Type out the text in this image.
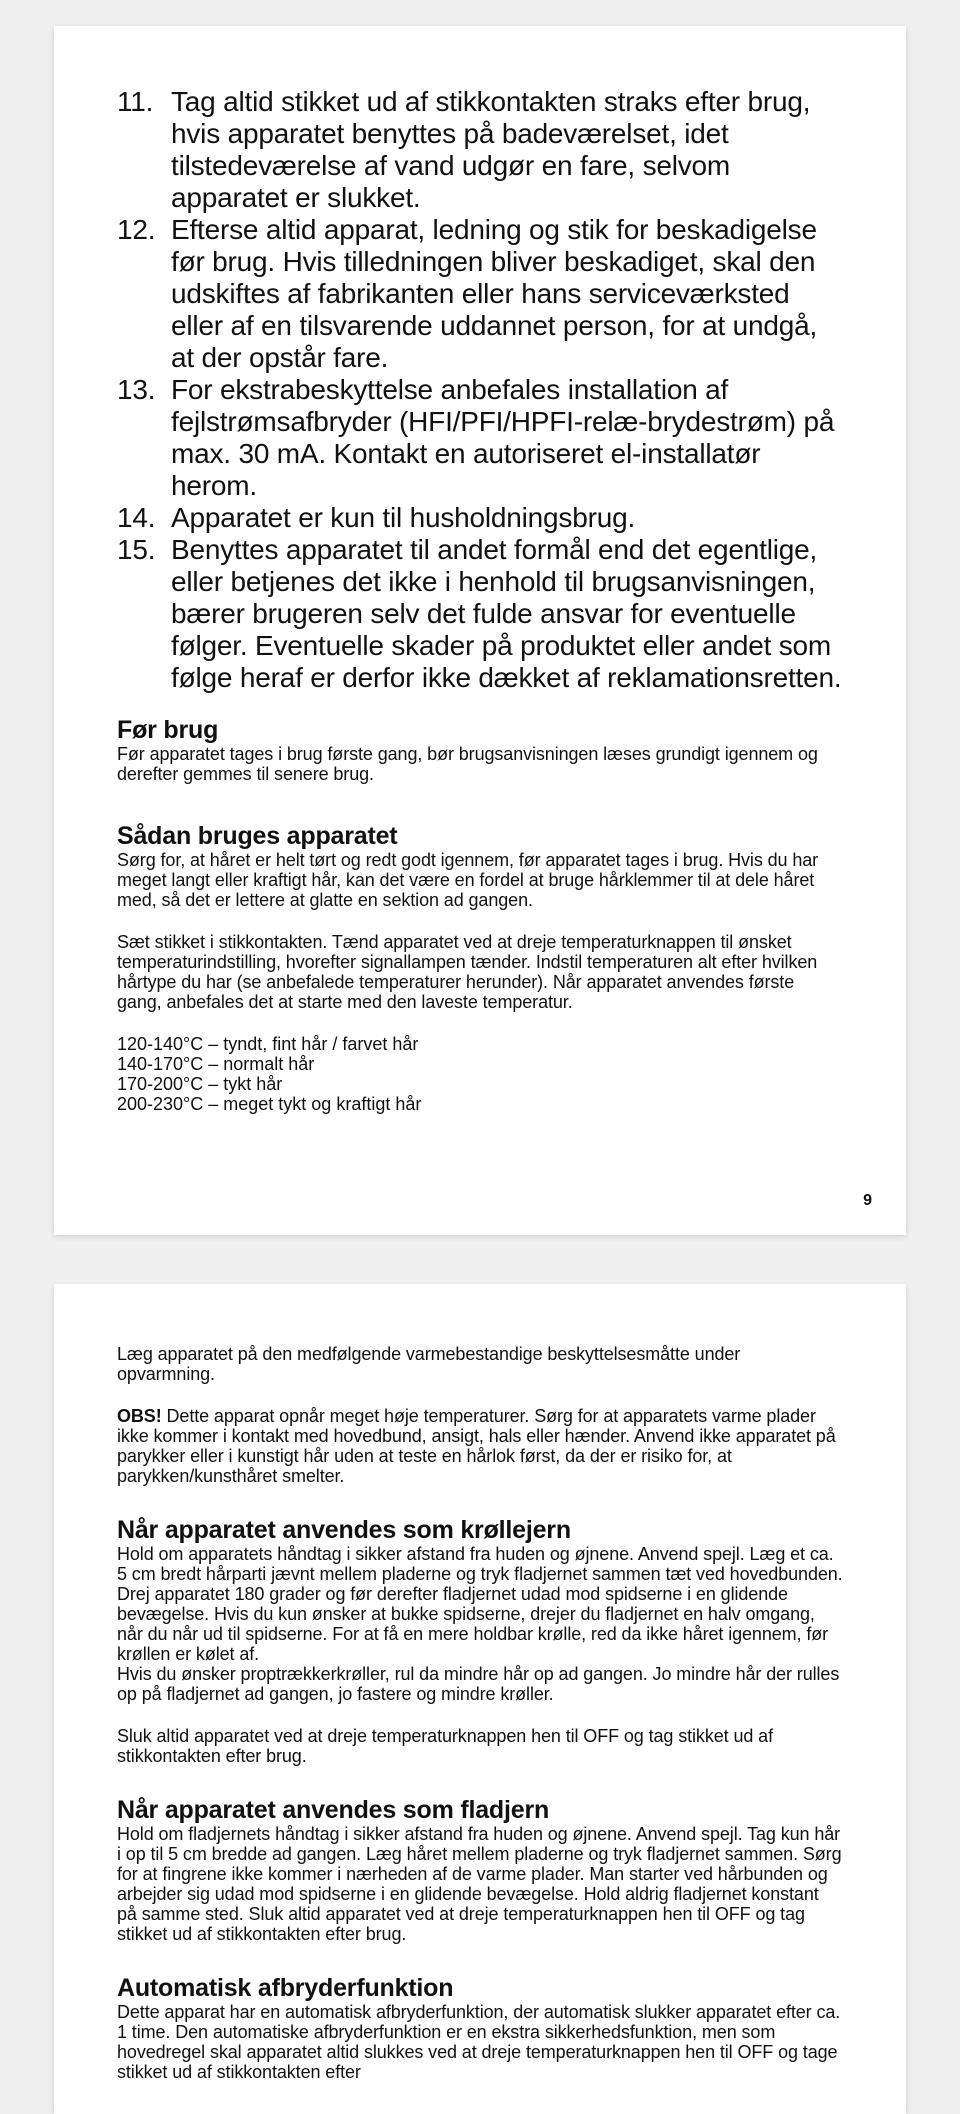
11. Tag altid stikket ud af stikkontakten straks efter brug, hvis apparatet benyttes på badeværelset, idet tilstedeværelse af vand udgør en fare, selvom apparatet er slukket.
12. Efterse altid apparat, ledning og stik for beskadigelse før brug. Hvis tilledningen bliver beskadiget, skal den udskiftes af fabrikanten eller hans serviceværksted eller af en tilsvarende uddannet person, for at undgå, at der opstår fare.
13. For ekstrabeskyttelse anbefales installation af fejlstrømsafbryder (HFI/PFI/HPFI-relæ-brydestrøm) på max. 30 mA. Kontakt en autoriseret el-installatør herom.
14. Apparatet er kun til husholdningsbrug.
15. Benyttes apparatet til andet formål end det egentlige, eller betjenes det ikke i henhold til brugsanvisningen, bærer brugeren selv det fulde ansvar for eventuelle følger. Eventuelle skader på produktet eller andet som følge heraf er derfor ikke dækket af reklamationsretten.
Før brug

Før apparatet tages i brug første gang, bør brugsanvisningen læses grundigt igennem og derefter gemmes til senere brug.

Sådan bruges apparatet

Sørg for, at håret er helt tørt og redt godt igennem, før apparatet tages i brug. Hvis du har meget langt eller kraftigt hår, kan det være en fordel at bruge hårklemmer til at dele håret med, så det er lettere at glatte en sektion ad gangen.

Sæt stikket i stikkontakten. Tænd apparatet ved at dreje temperaturknappen til ønsket temperaturindstilling, hvorefter signallampen tænder. Indstil temperaturen alt efter hvilken hårtype du har (se anbefalede temperaturer herunder). Når apparatet anvendes første gang, anbefales det at starte med den laveste temperatur.

120-140°C – tyndt, fint hår / farvet hår
140-170°C – normalt hår
170-200°C – tykt hår
200-230°C – meget tykt og kraftigt hår
9

Læg apparatet på den medfølgende varmebestandige beskyttelsesmåtte under opvarmning.

OBS! Dette apparat opnår meget høje temperaturer. Sørg for at apparatets varme plader ikke kommer i kontakt med hovedbund, ansigt, hals eller hænder. Anvend ikke apparatet på parykker eller i kunstigt hår uden at teste en hårlok først, da der er risiko for, at parykken/kunsthåret smelter.

Når apparatet anvendes som krøllejern

Hold om apparatets håndtag i sikker afstand fra huden og øjnene. Anvend spejl. Læg et ca. 5 cm bredt hårparti jævnt mellem pladerne og tryk fladjernet sammen tæt ved hovedbunden. Drej apparatet 180 grader og før derefter fladjernet udad mod spidserne i en glidende bevægelse. Hvis du kun ønsker at bukke spidserne, drejer du fladjernet en halv omgang, når du når ud til spidserne. For at få en mere holdbar krølle, red da ikke håret igennem, før krøllen er kølet af.

Hvis du ønsker proptrækkerkrøller, rul da mindre hår op ad gangen. Jo mindre hår der rulles op på fladjernet ad gangen, jo fastere og mindre krøller.

Sluk altid apparatet ved at dreje temperaturknappen hen til OFF og tag stikket ud af stikkontakten efter brug.

Når apparatet anvendes som fladjern

Hold om fladjernets håndtag i sikker afstand fra huden og øjnene. Anvend spejl. Tag kun hår i op til 5 cm bredde ad gangen. Læg håret mellem pladerne og tryk fladjernet sammen. Sørg for at fingrene ikke kommer i nærheden af de varme plader. Man starter ved hårbunden og arbejder sig udad mod spidserne i en glidende bevægelse. Hold aldrig fladjernet konstant på samme sted. Sluk altid apparatet ved at dreje temperaturknappen hen til OFF og tag stikket ud af stikkontakten efter brug.

Automatisk afbryderfunktion

Dette apparat har en automatisk afbryderfunktion, der automatisk slukker apparatet efter ca. 1 time. Den automatiske afbryderfunktion er en ekstra sikkerhedsfunktion, men som hovedregel skal apparatet altid slukkes ved at dreje temperaturknappen hen til OFF og tage stikket ud af stikkontakten efter
